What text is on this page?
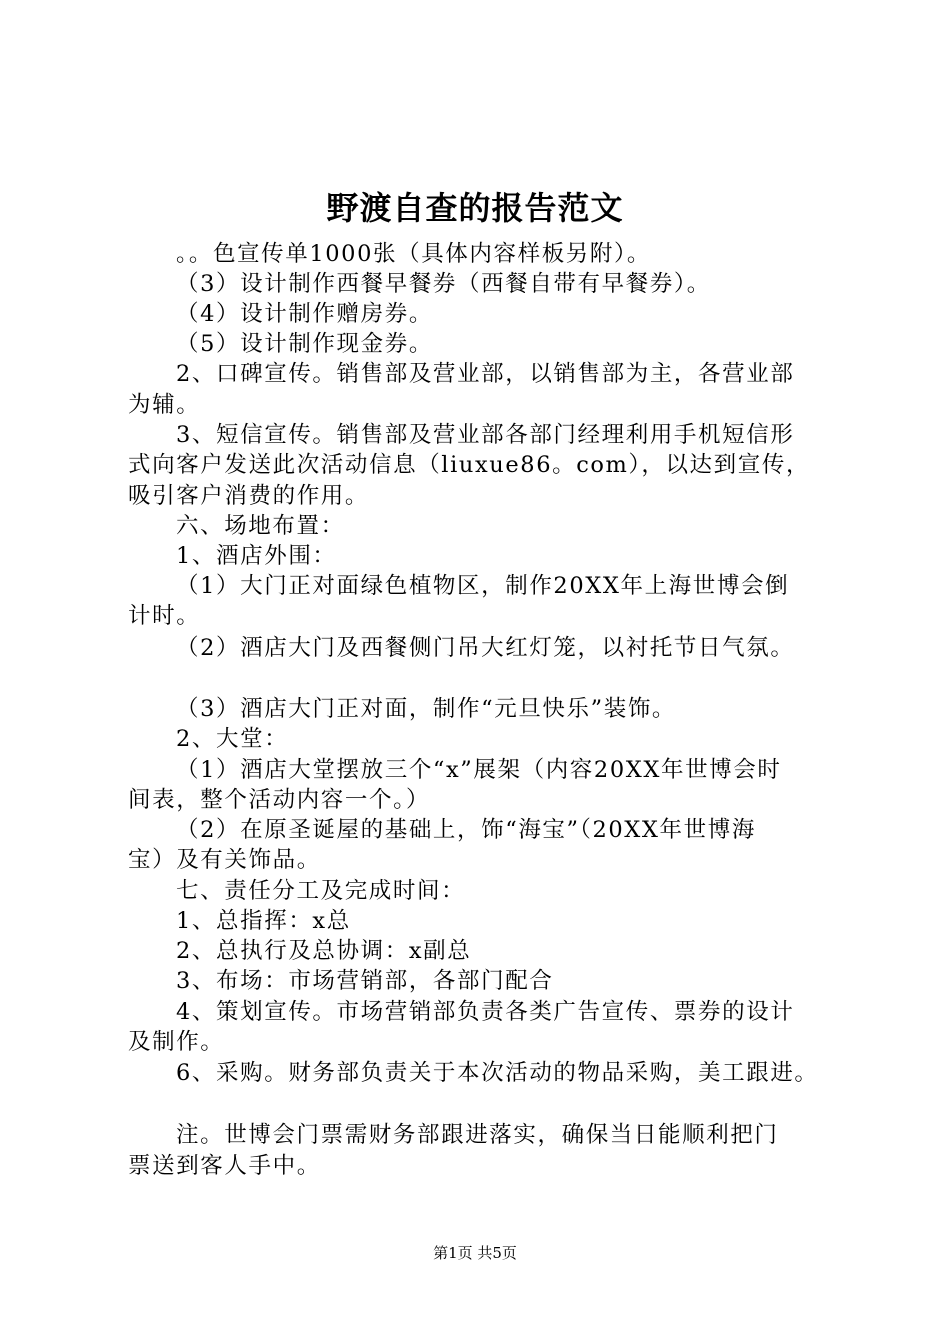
野渡自查的报告范文
。。色宣传单1000张（具体内容样板另附）。
（3）设计制作西餐早餐券（西餐自带有早餐券）。
（4）设计制作赠房券。
（5）设计制作现金券。
2、口碑宣传。销售部及营业部，以销售部为主，各营业部
为辅。
3、短信宣传。销售部及营业部各部门经理利用手机短信形
式向客户发送此次活动信息（liuxue86。com），以达到宣传，
吸引客户消费的作用。
六、场地布置：
1、酒店外围：
（1）大门正对面绿色植物区，制作20XX年上海世博会倒
计时。
（2）酒店大门及西餐侧门吊大红灯笼，以衬托节日气氛。
（3）酒店大门正对面，制作“元旦快乐”装饰。
2、大堂：
（1）酒店大堂摆放三个“x”展架（内容20XX年世博会时
间表，整个活动内容一个。）
（2）在原圣诞屋的基础上，饰“海宝”（20XX年世博海
宝）及有关饰品。
七、责任分工及完成时间：
1、总指挥：x总
2、总执行及总协调：x副总
3、布场：市场营销部，各部门配合
4、策划宣传。市场营销部负责各类广告宣传、票券的设计
及制作。
6、采购。财务部负责关于本次活动的物品采购，美工跟进。
注。世博会门票需财务部跟进落实，确保当日能顺利把门
票送到客人手中。
第1页 共5页
